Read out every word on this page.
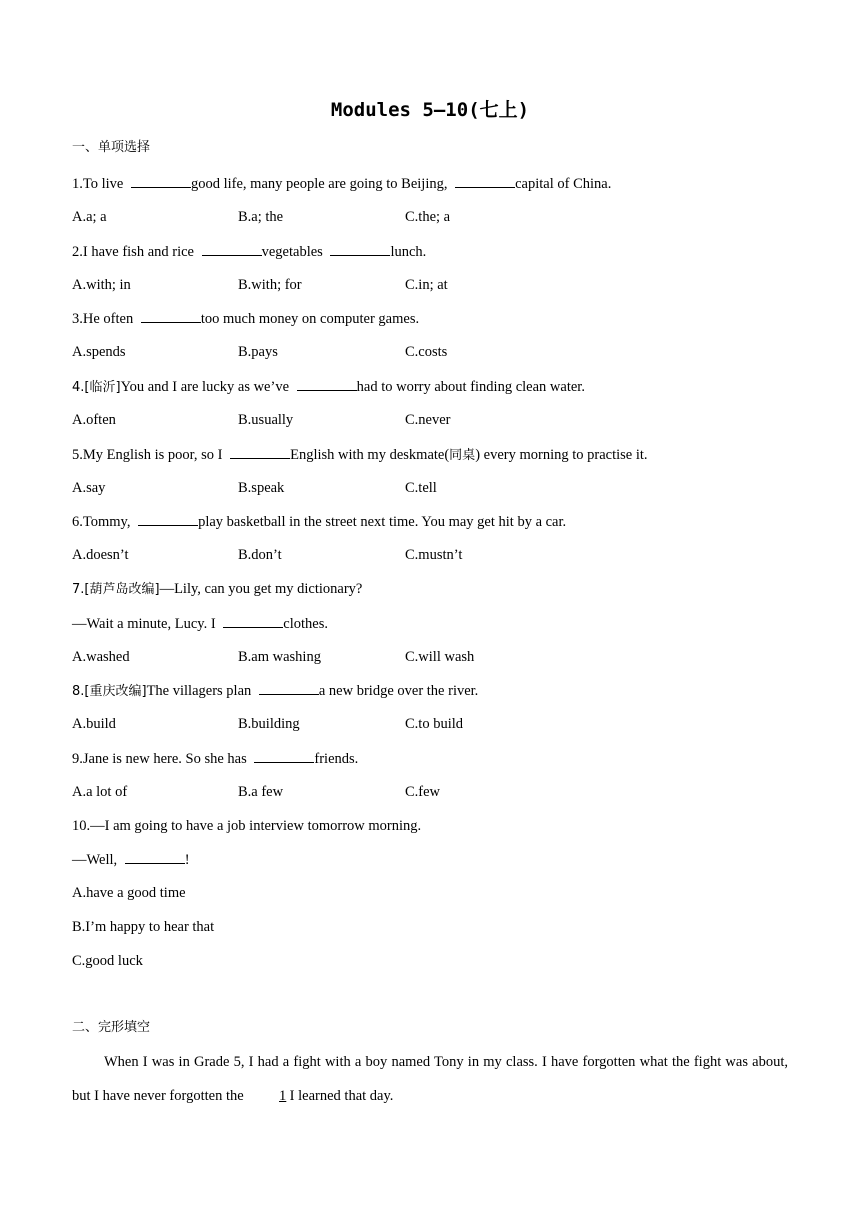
Modules 5—10(七上)
一、单项选择
1.To live	good life, many people are going to Beijing,	capital of China.
A.a; a	B.a; the	C.the; a
2.I have fish and rice	vegetables	lunch.
A.with; in	B.with; for	C.in; at
3.He often	too much money on computer games.
A.spends	B.pays	C.costs
4.[临沂]You and I are lucky as we’ve	had to worry about finding clean water.
A.often	B.usually	C.never
5.My English is poor, so I	English with my deskmate(同桌) every morning to practise it.
A.say	B.speak	C.tell
6.Tommy,	play basketball in the street next time. You may get hit by a car.
A.doesn’t	B.don’t	C.mustn’t
7.[葫芦岛改编]—Lily, can you get my dictionary?
—Wait a minute, Lucy. I	clothes.
A.washed	B.am washing	C.will wash
8.[重庆改编]The villagers plan	a new bridge over the river.
A.build	B.building	C.to build
9.Jane is new here. So she has	friends.
A.a lot of	B.a few	C.few
10.—I am going to have a job interview tomorrow morning.
—Well,	!
A.have a good time
B.I’m happy to hear that
C.good luck
二、完形填空
When I was in Grade 5, I had a fight with a boy named Tony in my class. I have forgotten what the fight was about, but I have never forgotten the 1 I learned that day.
